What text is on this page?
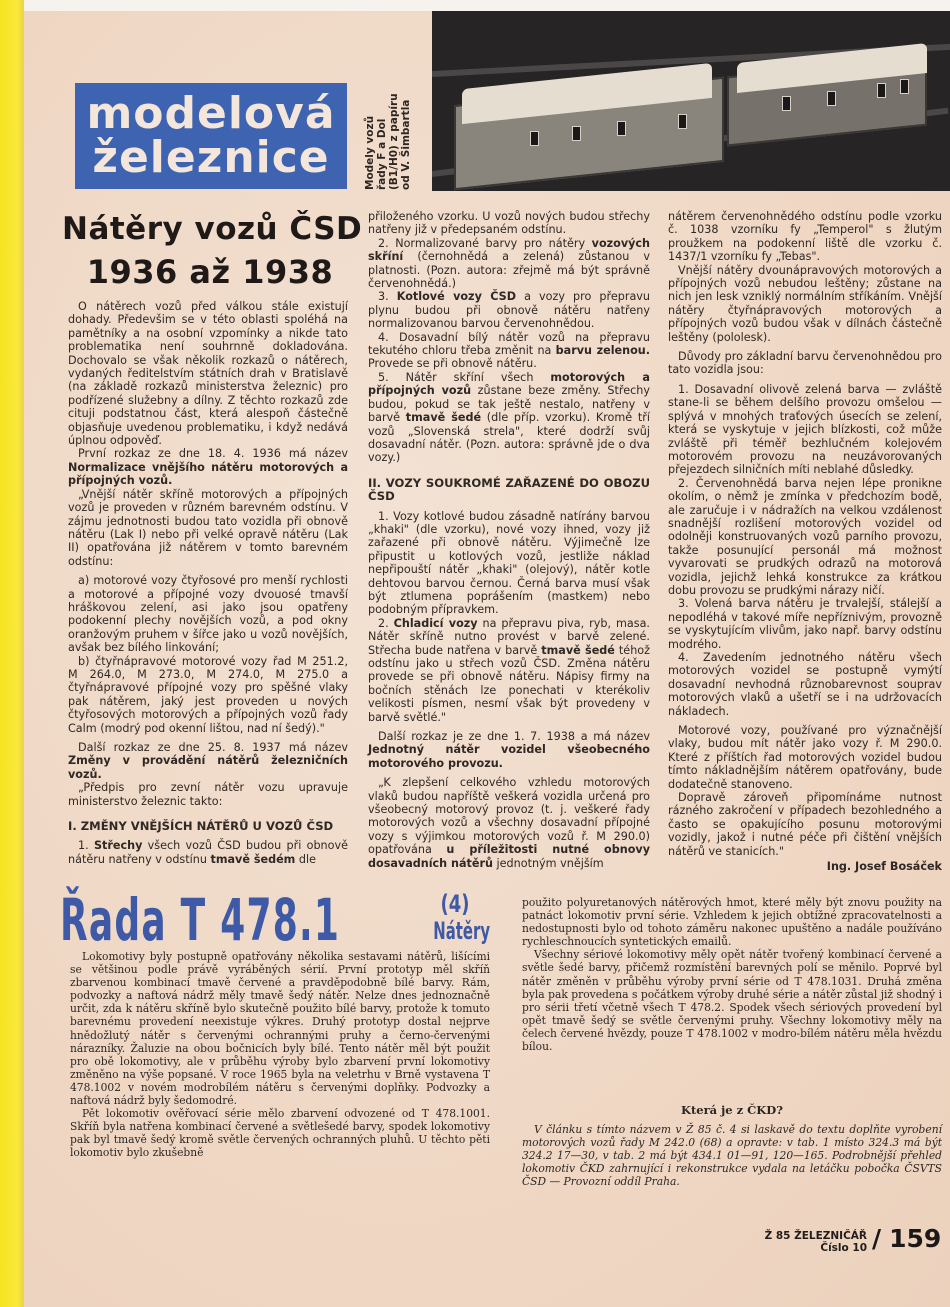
modelová
železnice	Modely vozů řady F a Dol (B1/H0) z papíru od V. Šimbartla
Nátěry vozů ČSD
1936 až 1938

O nátěrech vozů před válkou stále existují dohady. Předevšim se v této oblasti spoléhá na pamětníky a na osobní vzpomínky a nikde tato problematika není souhrnně dokladována. Dochovalo se však několik rozkazů o nátěrech, vydaných ředitelstvím státních drah v Bratislavě (na základě rozkazů ministerstva železnic) pro podřízené služebny a dílny. Z těchto rozkazů zde cituji podstatnou část, která alespoň částečně objasňuje uvedenou problematiku, i když nedává úplnou odpověď.

První rozkaz ze dne 18. 4. 1936 má název Normalizace vnějšího nátěru motorových a přípojných vozů.

„Vnější nátěr skříně motorových a přípojných vozů je proveden v různém barevném odstínu. V zájmu jednotnosti budou tato vozidla při obnově nátěru (Lak I) nebo při velké opravě nátěru (Lak II) opatřována již nátěrem v tomto barevném odstínu:

a) motorové vozy čtyřosové pro menší rychlosti a motorové a přípojné vozy dvouosé tmavší hráškovou zelení, asi jako jsou opatřeny podokenní plechy novějších vozů, a pod okny oranžovým pruhem v šířce jako u vozů novějších, avšak bez bílého linkování;

b) čtyřnápravové motorové vozy řad M 251.2, M 264.0, M 273.0, M 274.0, M 275.0 a čtyřnápravové přípojné vozy pro spěšné vlaky pak nátěrem, jaký jest proveden u nových čtyřosových motorových a přípojných vozů řady Calm (modrý pod okenní lištou, nad ní šedý)."

Další rozkaz ze dne 25. 8. 1937 má název Změny v provádění nátěrů železničních vozů.

„Předpis pro zevní nátěr vozu upravuje ministerstvo železnic takto:

I. ZMĚNY VNĚJŠÍCH NÁTĚRŮ U VOZŮ ČSD

1. Střechy všech vozů ČSD budou při obnově nátěru natřeny v odstínu tmavě šedém dle

přiloženého vzorku. U vozů nových budou střechy natřeny již v předepsaném odstínu.

2. Normalizované barvy pro nátěry vozových skříní (černohnědá a zelená) zůstanou v platnosti. (Pozn. autora: zřejmě má být správně červenohnědá.)

3. Kotlové vozy ČSD a vozy pro přepravu plynu budou při obnově nátěru natřeny normalizovanou barvou červenohnědou.

4. Dosavadní bílý nátěr vozů na přepravu tekutého chloru třeba změnit na barvu zelenou. Provede se při obnově nátěru.

5. Nátěr skříní všech motorových a přípojných vozů zůstane beze změny. Střechy budou, pokud se tak ještě nestalo, natřeny v barvě tmavě šedé (dle příp. vzorku). Kromě tří vozů „Slovenská strela", které dodrží svůj dosavadní nátěr. (Pozn. autora: správně jde o dva vozy.)

II. VOZY SOUKROMÉ ZAŘAZENÉ DO OBOZU ČSD

1. Vozy kotlové budou zásadně natírány barvou „khaki" (dle vzorku), nové vozy ihned, vozy již zařazené při obnově nátěru. Výjimečně lze připustit u kotlových vozů, jestliže náklad nepřipouští nátěr „khaki" (olejový), nátěr kotle dehtovou barvou černou. Černá barva musí však být ztlumena poprášením (mastkem) nebo podobným přípravkem.

2. Chladicí vozy na přepravu piva, ryb, masa. Nátěr skříně nutno provést v barvě zelené. Střecha bude natřena v barvě tmavě šedé téhož odstínu jako u střech vozů ČSD. Změna nátěru provede se při obnově nátěru. Nápisy firmy na bočních stěnách lze ponechati v kterékoliv velikosti písmen, nesmí však být provedeny v barvě světlé."

Další rozkaz je ze dne 1. 7. 1938 a má název Jednotný nátěr vozidel všeobecného motorového provozu.

„K zlepšení celkového vzhledu motorových vlaků budou napříště veškerá vozidla určená pro všeobecný motorový provoz (t. j. veškeré řady motorových vozů a všechny dosavadní přípojné vozy s výjimkou motorových vozů ř. M 290.0) opatřována u příležitosti nutné obnovy dosavadních nátěrů jednotným vnějším

nátěrem červenohnědého odstínu podle vzorku č. 1038 vzorníku fy „Temperol" s žlutým proužkem na podokenní liště dle vzorku č. 1437/1 vzorníku fy „Tebas".

Vnější nátěry dvounápravových motorových a přípojných vozů nebudou leštěny; zůstane na nich jen lesk vzniklý normálním stříkáním. Vnější nátěry čtyřnápravových motorových a přípojných vozů budou však v dílnách částečně leštěny (pololesk).

Důvody pro základní barvu červenohnědou pro tato vozidla jsou:

1. Dosavadní olivově zelená barva — zvláště stane-li se během delšího provozu omšelou — splývá v mnohých traťových úsecích se zelení, která se vyskytuje v jejich blízkosti, což může zvláště při téměř bezhlučném kolejovém motorovém provozu na neuzávorovaných přejezdech silničních míti neblahé důsledky.

2. Červenohnědá barva nejen lépe proniknе okolím, o němž je zmínka v předchozím bodě, ale zaručuje i v nádražích na velkou vzdálenost snadnější rozlišení motorových vozidel od odolněji konstruovaných vozů parního provozu, takže posunující personál má možnost vyvarovati se prudkých odrazů na motorová vozidla, jejichž lehká konstrukce za krátkou dobu provozu se prudkými nárazy ničí.

3. Volená barva nátěru je trvalejší, stálejší a nepodléhá v takové míře nepříznivým, provozně se vyskytujícím vlivům, jako např. barvy odstínu modrého.

4. Zavedením jednotného nátěru všech motorových vozidel se postupně vymýtí dosavadní nevhodná různobarevnost souprav motorových vlaků a ušetří se i na udržovacích nákladech.

Motorové vozy, používané pro význačnější vlaky, budou mít nátěr jako vozy ř. M 290.0. Které z příštích řad motorových vozidel budou tímto nákladnějším nátěrem opatřovány, bude dodatečně stanoveno.

Dopravě zároveň připomínáme nutnost rázného zakročení v případech bezohledného a často se opakujícího posunu motorovými vozidly, jakož i nutné péče při čištění vnějších nátěrů ve stanicích."

Ing. Josef Bosáček
Řada T 478.1	(4)
Nátěry

Lokomotivy byly postupně opatřovány několika sestavami nátěrů, lišícími se většinou podle právě vyráběných sérií. První prototyp měl skříň zbarvenou kombinací tmavě červené a pravděpodobně bílé barvy. Rám, podvozky a naftová nádrž měly tmavě šedý nátěr. Nelze dnes jednoznačně určit, zda k nátěru skříně bylo skutečně použito bílé barvy, protože k tomuto barevnému provedení neexistuje výkres. Druhý prototyp dostal nejprve hnědožlutý nátěr s červenými ochrannými pruhy a černo-červenými nárazníky. Žaluzie na obou bočnicích byly bílé. Tento nátěr měl být použit pro obě lokomotivy, ale v průběhu výroby bylo zbarvení první lokomotivy změněno na výše popsané. V roce 1965 byla na veletrhu v Brně vystavena T 478.1002 v novém modrobílém nátěru s červenými doplňky. Podvozky a naftová nádrž byly šedomodré.

Pět lokomotiv ověřovací série mělo zbarvení odvozené od T 478.1001. Skříň byla natřena kombinací červené a světlešedé barvy, spodek lokomotivy pak byl tmavě šedý kromě světle červených ochranných pluhů. U těchto pěti lokomotiv bylo zkušebně

použito polyuretanových nátěrových hmot, které měly být znovu použity na patnáct lokomotiv první série. Vzhledem k jejich obtížné zpracovatelnosti a nedostupnosti bylo od tohoto záměru nakonec upuštěno a nadále používáno rychleschnoucích syntetických emailů.

Všechny sériové lokomotivy měly opět nátěr tvořený kombinací červené a světle šedé barvy, přičemž rozmístění barevných polí se měnilo. Poprvé byl nátěr změněn v průběhu výroby první série od T 478.1031. Druhá změna byla pak provedena s počátkem výroby druhé série a nátěr zůstal již shodný i pro sérii třetí včetně všech T 478.2. Spodek všech sériových provedení byl opět tmavě šedý se světle červenými pruhy. Všechny lokomotivy měly na čelech červené hvězdy, pouze T 478.1002 v modro-bílém nátěru měla hvězdu bílou.

Která je z ČKD?
V článku s tímto názvem v Ž 85 č. 4 si laskavě do textu doplňte vyrobení motorových vozů řady M 242.0 (68) a opravte: v tab. 1 místo 324.3 má být 324.2 17—30, v tab. 2 má být 434.1 01—91, 120—165. Podrobnější přehled lokomotiv ČKD zahrnující i rekonstrukce vydala na letáčku pobočka ČSVTS ČSD — Provozní oddíl Praha.
Ž 85 ŽELEZNIČÁŘ
Číslo 10 / 159
